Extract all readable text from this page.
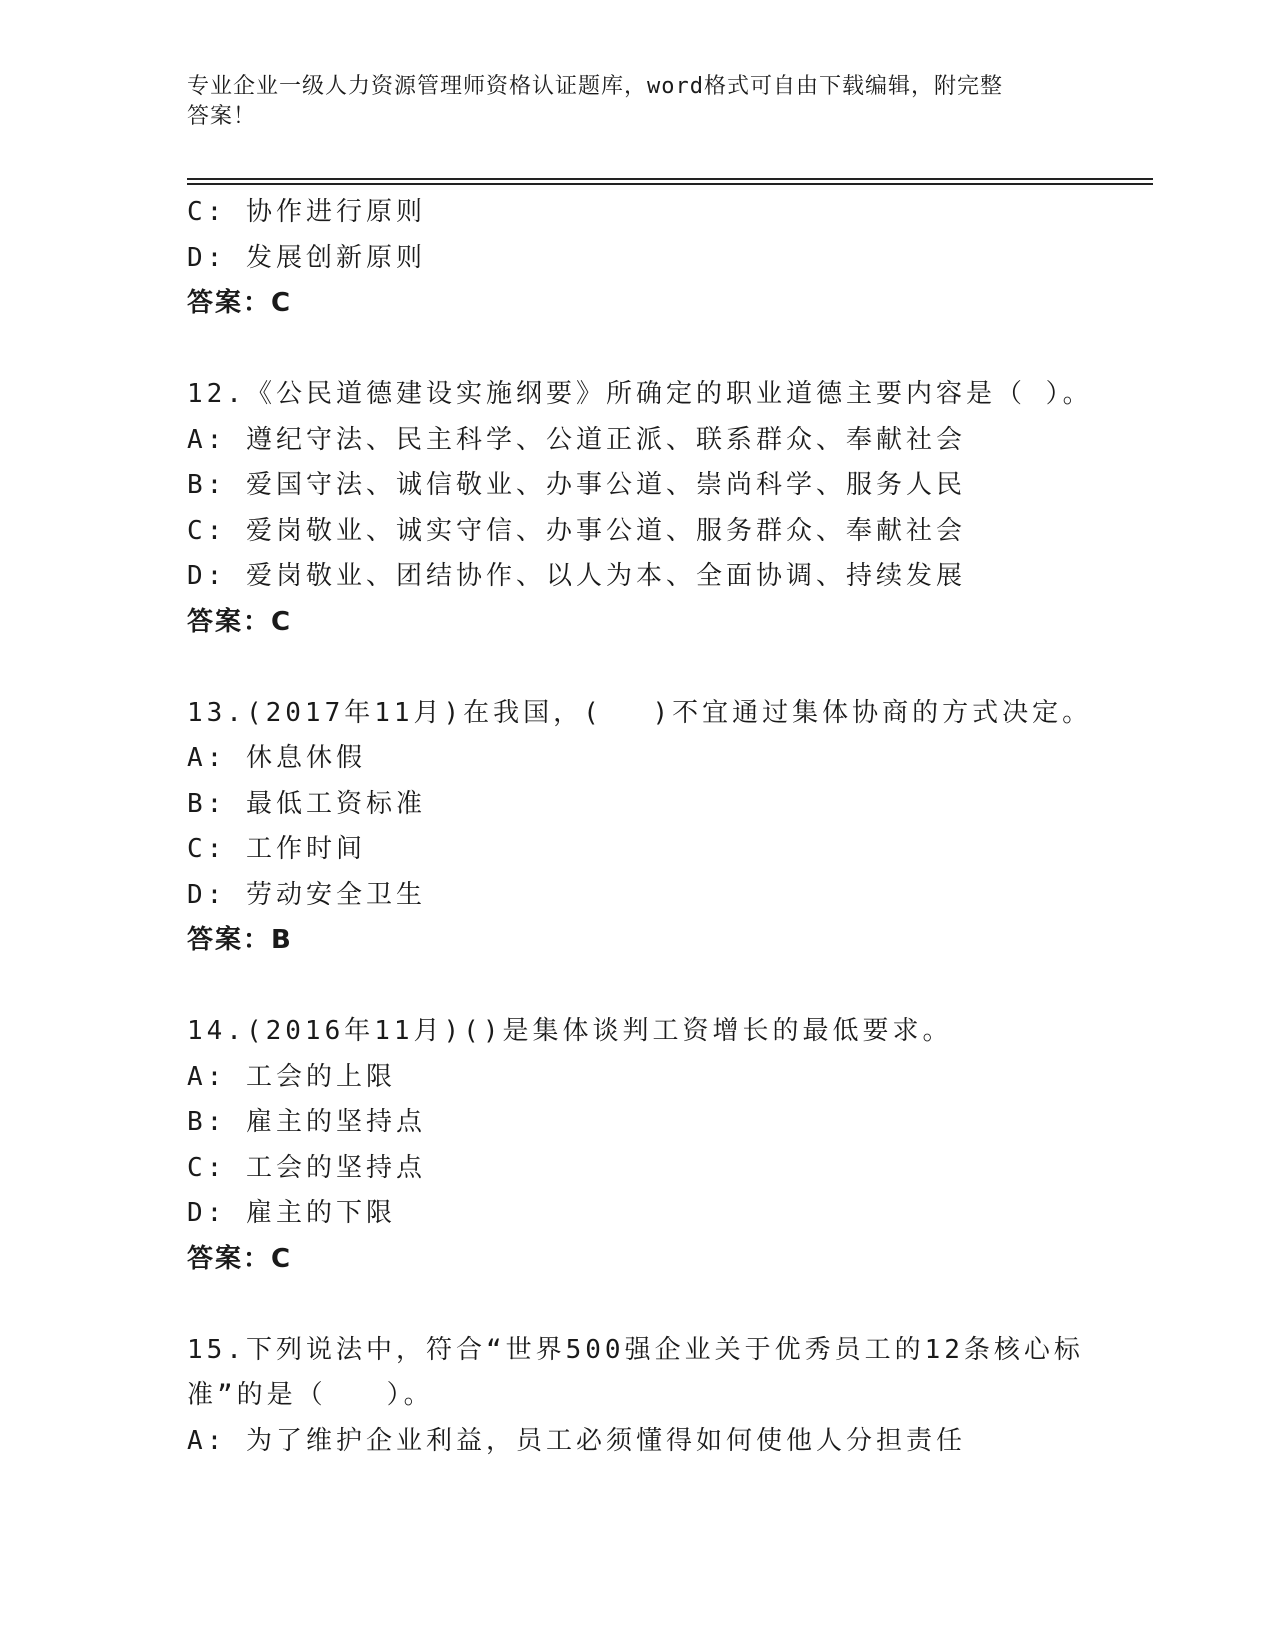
专业企业一级人力资源管理师资格认证题库，word格式可自由下载编辑，附完整
答案！
C: 协作进行原则
D: 发展创新原则
答案：C
12.《公民道德建设实施纲要》所确定的职业道德主要内容是（ ）。
A: 遵纪守法、民主科学、公道正派、联系群众、奉献社会
B: 爱国守法、诚信敬业、办事公道、崇尚科学、服务人民
C: 爱岗敬业、诚实守信、办事公道、服务群众、奉献社会
D: 爱岗敬业、团结协作、以人为本、全面协调、持续发展
答案：C
13.(2017年11月)在我国，(　 )不宜通过集体协商的方式决定。
A: 休息休假
B: 最低工资标准
C: 工作时间
D: 劳动安全卫生
答案：B
14.(2016年11月)()是集体谈判工资增长的最低要求。
A: 工会的上限
B: 雇主的坚持点
C: 工会的坚持点
D: 雇主的下限
答案：C
15.下列说法中，符合“世界500强企业关于优秀员工的12条核心标
准”的是（　　）。
A: 为了维护企业利益，员工必须懂得如何使他人分担责任
